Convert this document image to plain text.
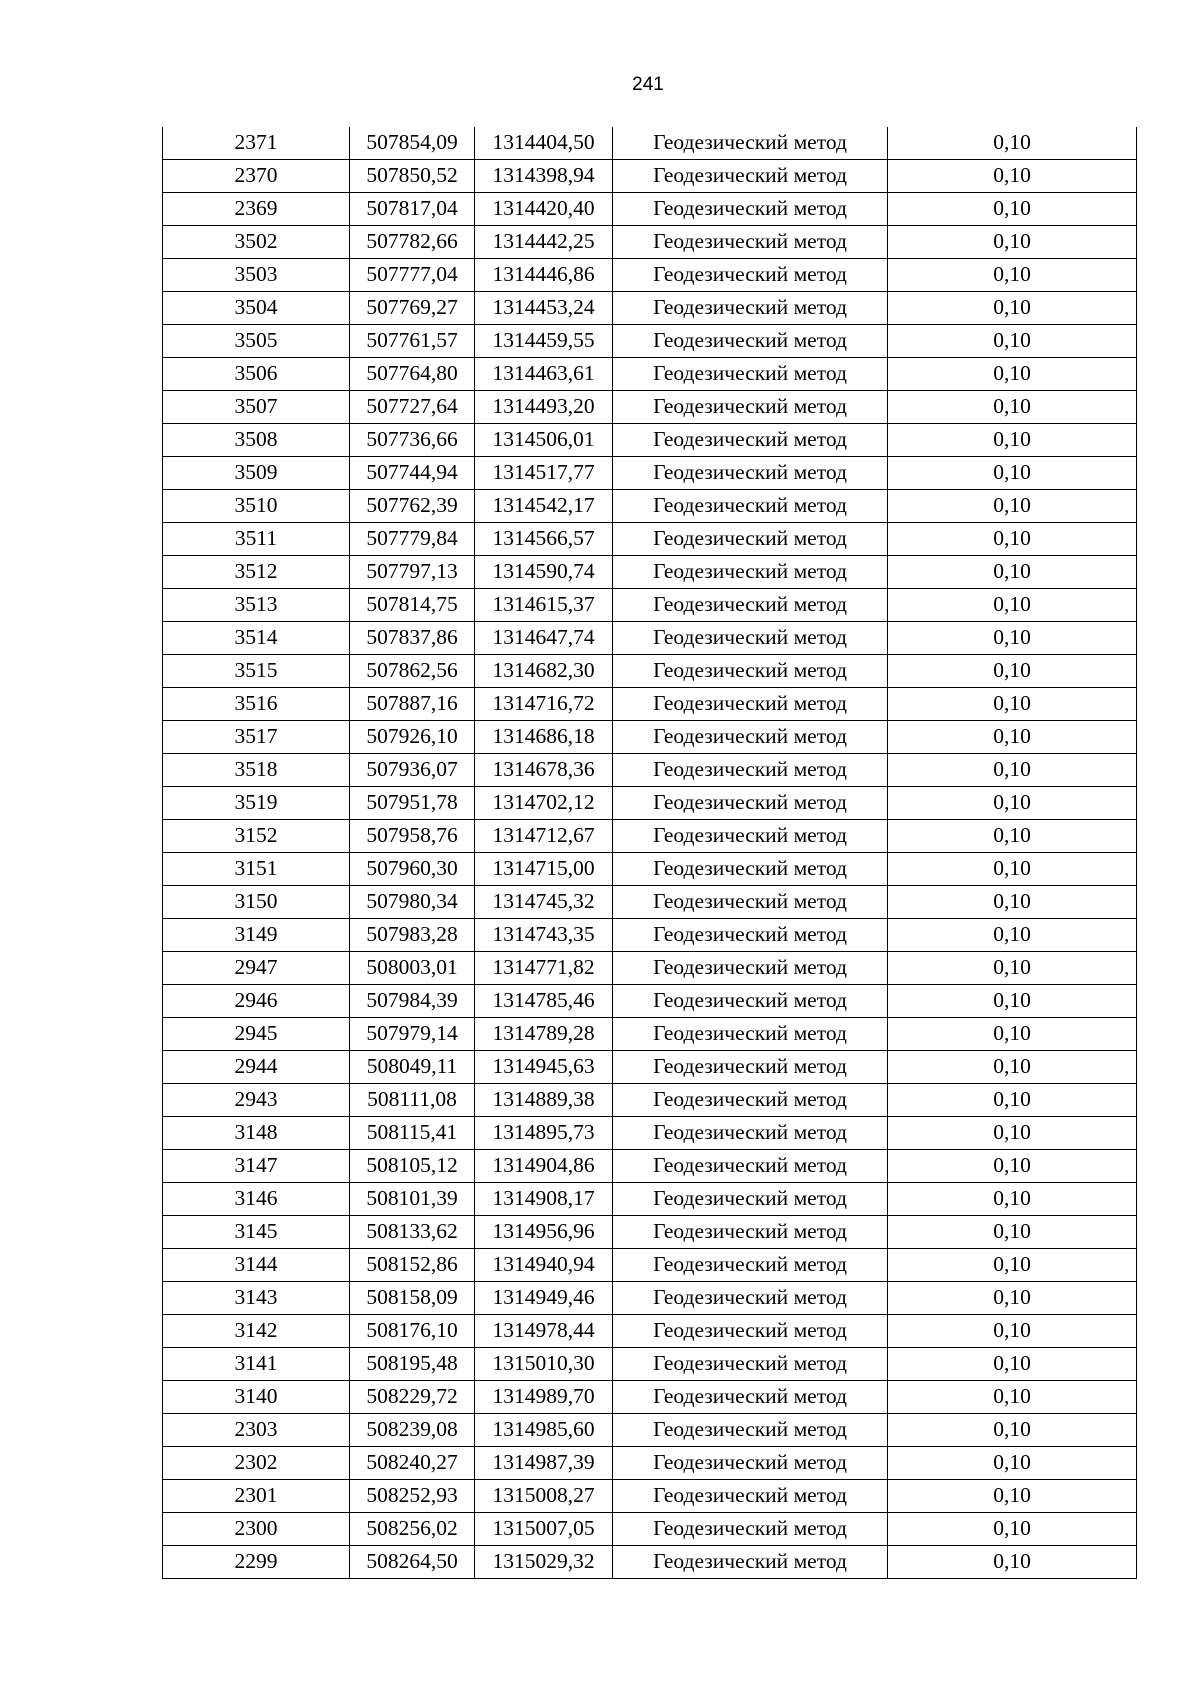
241
2371	507854,09	1314404,50	Геодезический метод	0,10
2370	507850,52	1314398,94	Геодезический метод	0,10
2369	507817,04	1314420,40	Геодезический метод	0,10
3502	507782,66	1314442,25	Геодезический метод	0,10
3503	507777,04	1314446,86	Геодезический метод	0,10
3504	507769,27	1314453,24	Геодезический метод	0,10
3505	507761,57	1314459,55	Геодезический метод	0,10
3506	507764,80	1314463,61	Геодезический метод	0,10
3507	507727,64	1314493,20	Геодезический метод	0,10
3508	507736,66	1314506,01	Геодезический метод	0,10
3509	507744,94	1314517,77	Геодезический метод	0,10
3510	507762,39	1314542,17	Геодезический метод	0,10
3511	507779,84	1314566,57	Геодезический метод	0,10
3512	507797,13	1314590,74	Геодезический метод	0,10
3513	507814,75	1314615,37	Геодезический метод	0,10
3514	507837,86	1314647,74	Геодезический метод	0,10
3515	507862,56	1314682,30	Геодезический метод	0,10
3516	507887,16	1314716,72	Геодезический метод	0,10
3517	507926,10	1314686,18	Геодезический метод	0,10
3518	507936,07	1314678,36	Геодезический метод	0,10
3519	507951,78	1314702,12	Геодезический метод	0,10
3152	507958,76	1314712,67	Геодезический метод	0,10
3151	507960,30	1314715,00	Геодезический метод	0,10
3150	507980,34	1314745,32	Геодезический метод	0,10
3149	507983,28	1314743,35	Геодезический метод	0,10
2947	508003,01	1314771,82	Геодезический метод	0,10
2946	507984,39	1314785,46	Геодезический метод	0,10
2945	507979,14	1314789,28	Геодезический метод	0,10
2944	508049,11	1314945,63	Геодезический метод	0,10
2943	508111,08	1314889,38	Геодезический метод	0,10
3148	508115,41	1314895,73	Геодезический метод	0,10
3147	508105,12	1314904,86	Геодезический метод	0,10
3146	508101,39	1314908,17	Геодезический метод	0,10
3145	508133,62	1314956,96	Геодезический метод	0,10
3144	508152,86	1314940,94	Геодезический метод	0,10
3143	508158,09	1314949,46	Геодезический метод	0,10
3142	508176,10	1314978,44	Геодезический метод	0,10
3141	508195,48	1315010,30	Геодезический метод	0,10
3140	508229,72	1314989,70	Геодезический метод	0,10
2303	508239,08	1314985,60	Геодезический метод	0,10
2302	508240,27	1314987,39	Геодезический метод	0,10
2301	508252,93	1315008,27	Геодезический метод	0,10
2300	508256,02	1315007,05	Геодезический метод	0,10
2299	508264,50	1315029,32	Геодезический метод	0,10
